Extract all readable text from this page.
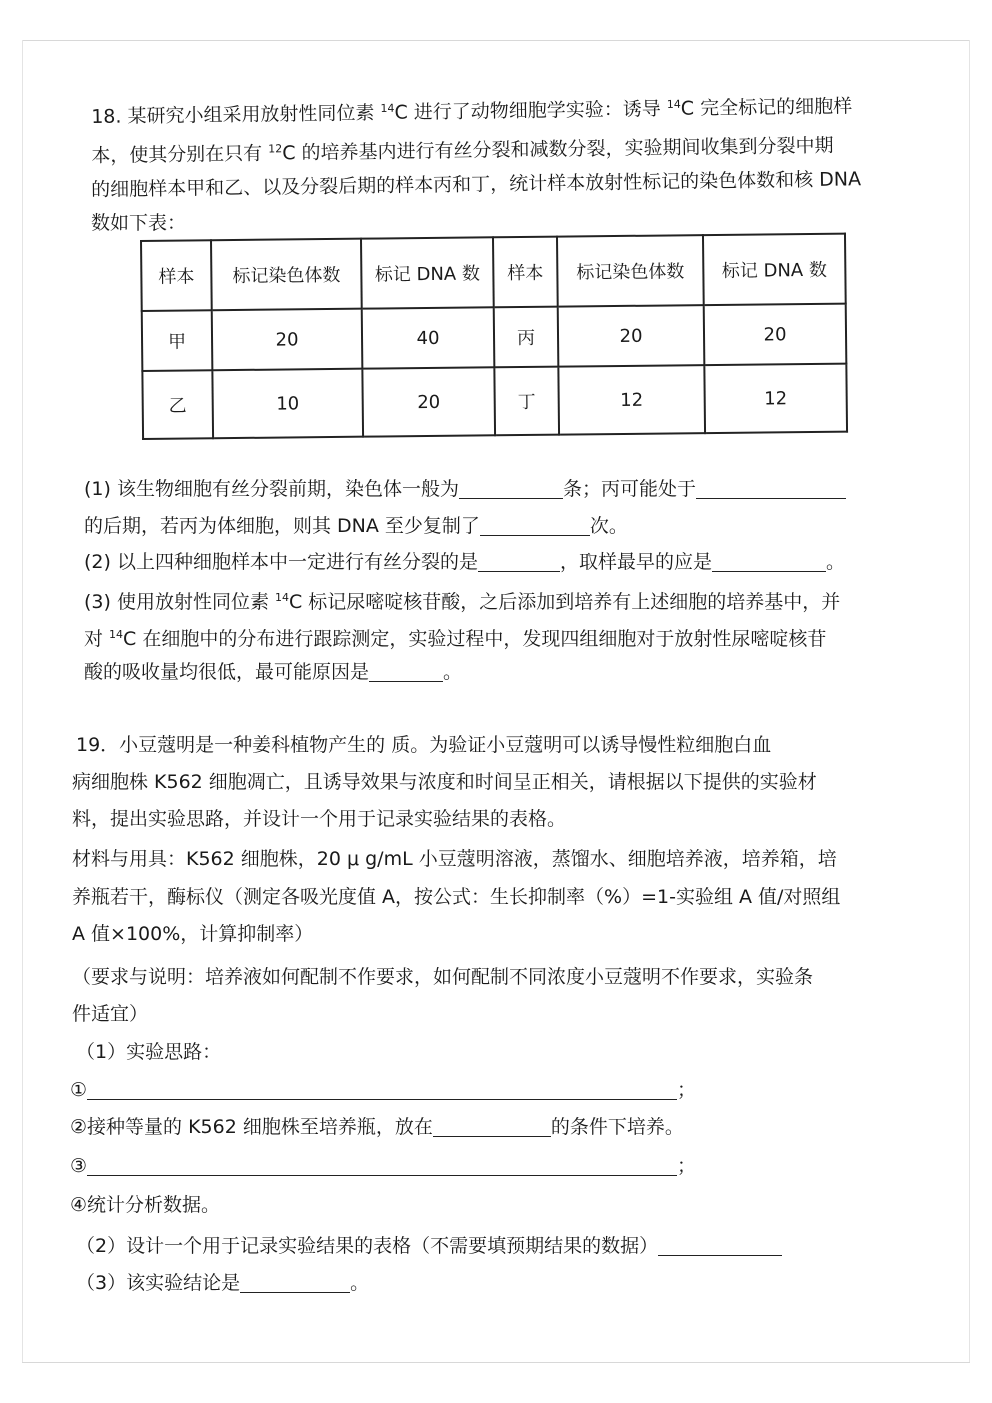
18. 某研究小组采用放射性同位素 $^{14}$C 进行了动物细胞学实验：诱导 $^{14}$C 完全标记的细胞样
本，使其分别在只有 $^{12}$C 的培养基内进行有丝分裂和减数分裂，实验期间收集到分裂中期
的细胞样本甲和乙、以及分裂后期的样本丙和丁，统计样本放射性标记的染色体数和核 DNA
数如下表：
样本	标记染色体数	标记 DNA 数	样本	标记染色体数	标记 DNA 数
甲	20	40	丙	20	20
乙	10	20	丁	12	12
(1) 该生物细胞有丝分裂前期，染色体一般为	条；丙可能处于
的后期，若丙为体细胞，则其 DNA 至少复制了	次。
(2) 以上四种细胞样本中一定进行有丝分裂的是	，取样最早的应是	。
(3) 使用放射性同位素 $^{14}$C 标记尿嘧啶核苷酸，之后添加到培养有上述细胞的培养基中，并
对 $^{14}$C 在细胞中的分布进行跟踪测定，实验过程中，发现四组细胞对于放射性尿嘧啶核苷
酸的吸收量均很低，最可能原因是	。
19．小豆蔻明是一种姜科植物产生的 质。为验证小豆蔻明可以诱导慢性粒细胞白血
病细胞株 K562 细胞凋亡，且诱导效果与浓度和时间呈正相关，请根据以下提供的实验材
料，提出实验思路，并设计一个用于记录实验结果的表格。
材料与用具：K562 细胞株，20 μ g/mL 小豆蔻明溶液，蒸馏水、细胞培养液，培养箱，培
养瓶若干，酶标仪（测定各吸光度值 A，按公式：生长抑制率（%）=1-实验组 A 值/对照组
A 值×100%，计算抑制率）
（要求与说明：培养液如何配制不作要求，如何配制不同浓度小豆蔻明不作要求，实验条
件适宜）
（1）实验思路：
①	；
②接种等量的 K562 细胞株至培养瓶，放在	的条件下培养。
③	；
④统计分析数据。
（2）设计一个用于记录实验结果的表格（不需要填预期结果的数据）
（3）该实验结论是	。
